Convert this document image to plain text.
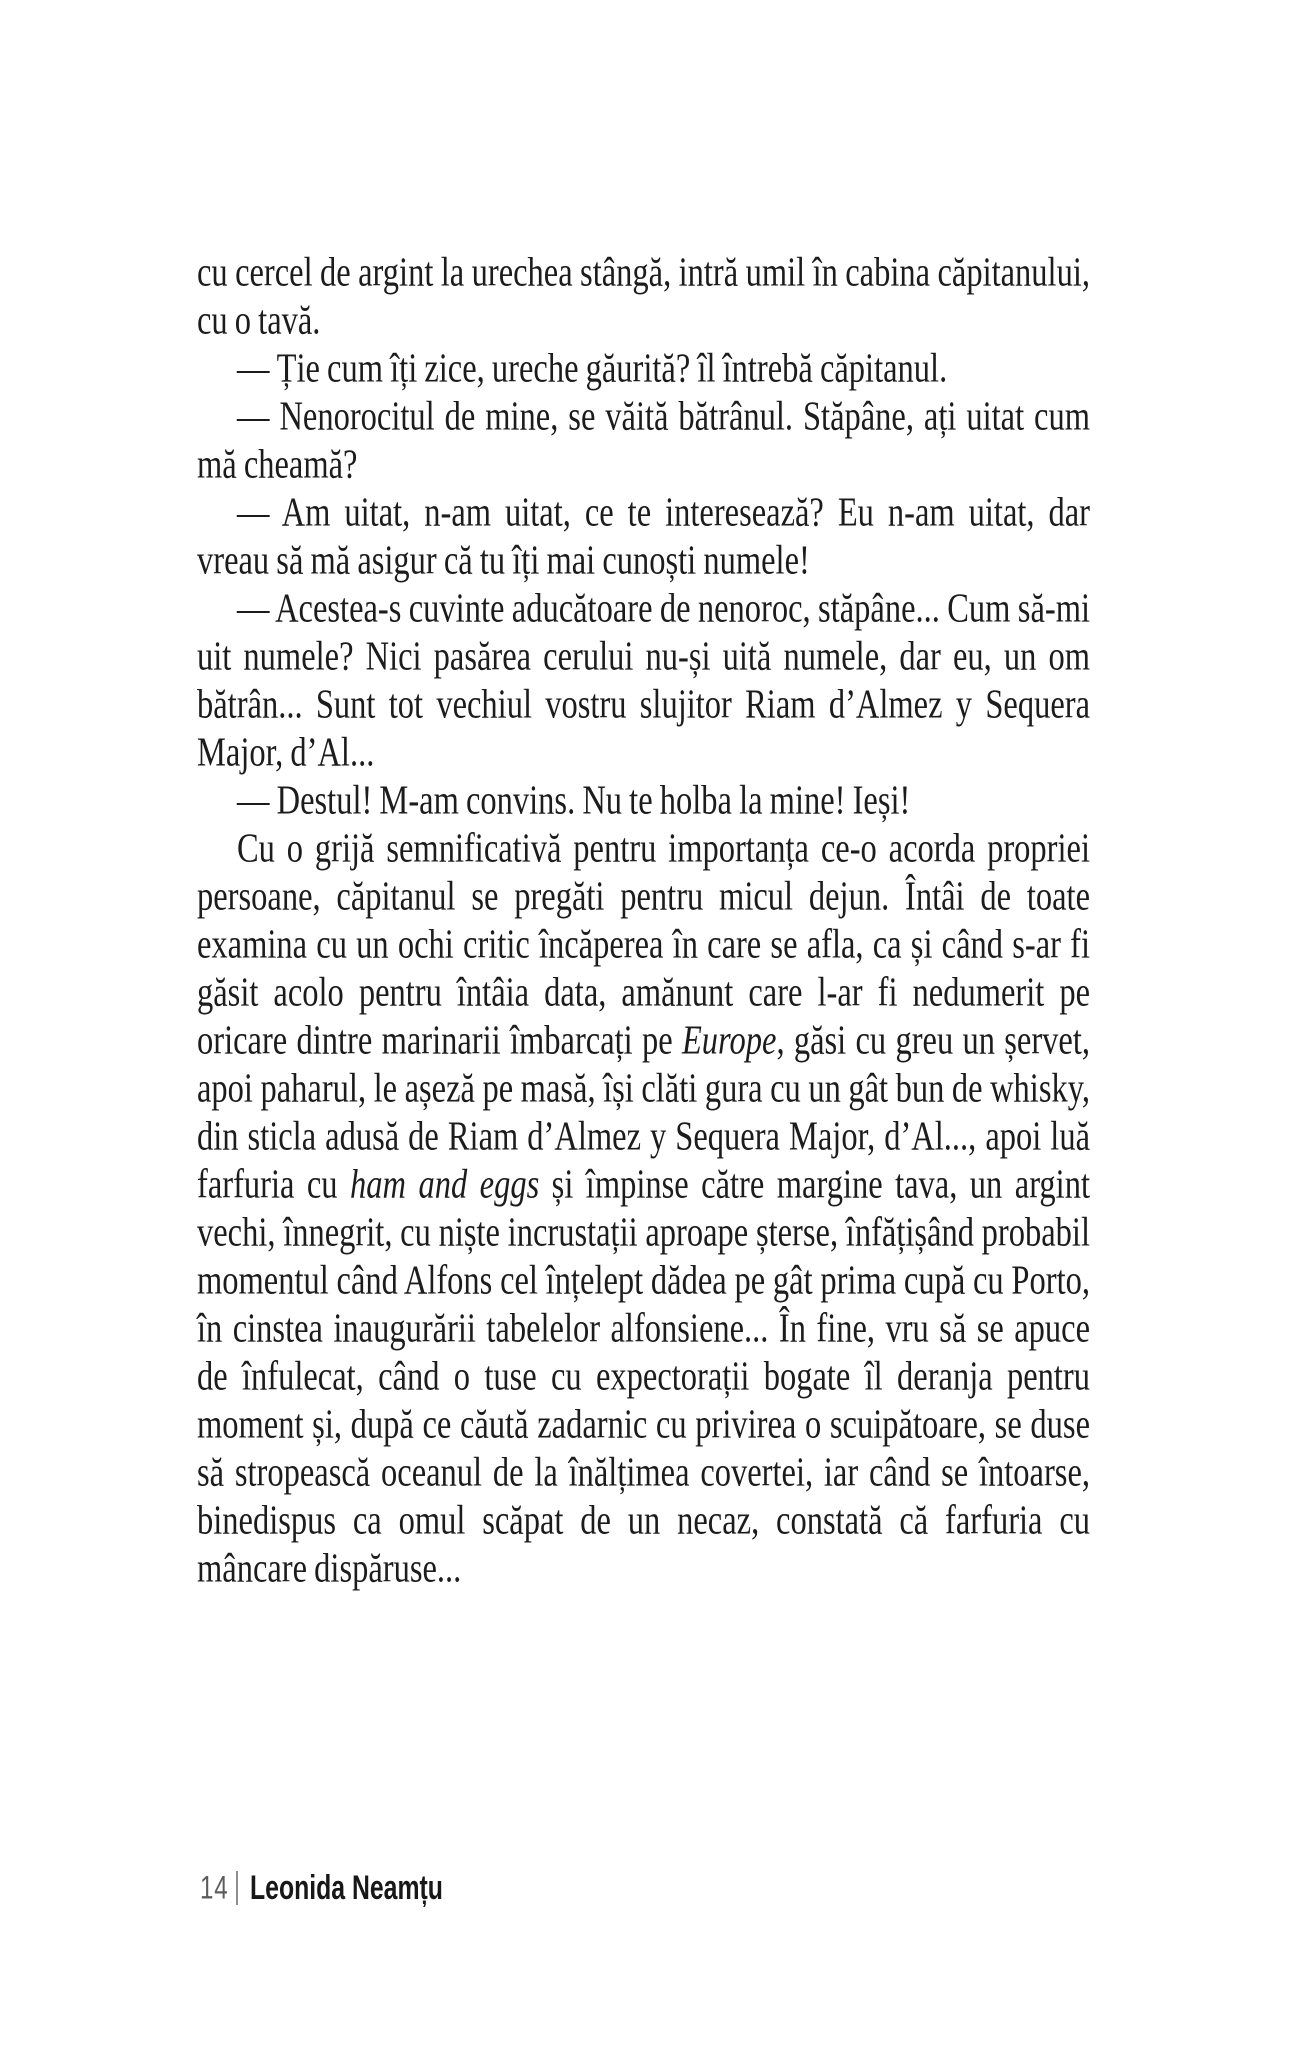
cu cercel de argint la urechea stângă, intră umil în cabina căpitanului, cu o tavă.

— Ție cum îți zice, ureche găurită? îl întrebă căpitanul.

— Nenorocitul de mine, se văită bătrânul. Stăpâne, ați uitat cum mă cheamă?

— Am uitat, n-am uitat, ce te interesează? Eu n-am uitat, dar vreau să mă asigur că tu îți mai cunoști numele!

— Acestea-s cuvinte aducătoare de nenoroc, stăpâne... Cum să-mi uit numele? Nici pasărea cerului nu-și uită numele, dar eu, un om bătrân... Sunt tot vechiul vostru slujitor Riam d’Almez y Sequera Major, d’Al...

— Destul! M-am convins. Nu te holba la mine! Ieși!

Cu o grijă semnificativă pentru importanța ce-o acorda propriei persoane, căpitanul se pregăti pentru micul dejun. Întâi de toate examina cu un ochi critic încăperea în care se afla, ca și când s-ar fi găsit acolo pentru întâia data, amănunt care l-ar fi nedumerit pe oricare dintre marinarii îmbarcați pe Europe, găsi cu greu un șervet, apoi paharul, le așeză pe masă, își clăti gura cu un gât bun de whisky, din sticla adusă de Riam d’Almez y Sequera Major, d’Al..., apoi luă farfuria cu ham and eggs și împinse către margine tava, un argint vechi, înnegrit, cu niște incrustații aproape șterse, înfățișând probabil momentul când Alfons cel înțelept dădea pe gât prima cupă cu Porto, în cinstea inaugurării tabelelor alfonsiene... În fine, vru să se apuce de înfulecat, când o tuse cu expectorații bogate îl deranja pentru moment și, după ce căută zadarnic cu privirea o scuipătoare, se duse să stropească oceanul de la înălțimea covertei, iar când se întoarse, binedispus ca omul scăpat de un necaz, constată că farfuria cu mâncare dispăruse...

14 Leonida Neamțu
